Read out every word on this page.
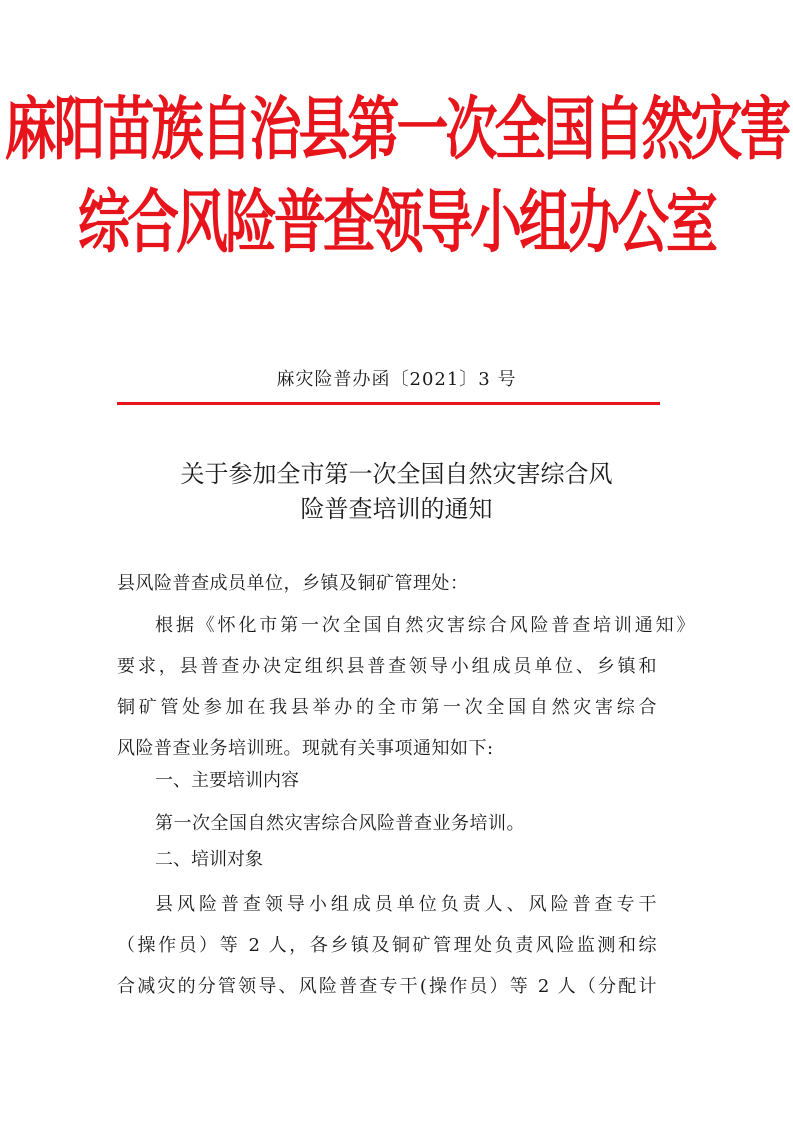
麻阳苗族自治县第一次全国自然灾害
综合风险普查领导小组办公室
麻灾险普办函〔2021〕3 号
关于参加全市第一次全国自然灾害综合风
险普查培训的通知
县风险普查成员单位，乡镇及铜矿管理处：
根据《怀化市第一次全国自然灾害综合风险普查培训通知》
要求，县普查办决定组织县普查领导小组成员单位、乡镇和
铜矿管处参加在我县举办的全市第一次全国自然灾害综合
风险普查业务培训班。现就有关事项通知如下:
一、主要培训内容
第一次全国自然灾害综合风险普查业务培训。
二、培训对象
县风险普查领导小组成员单位负责人、风险普查专干
（操作员）等 2 人，各乡镇及铜矿管理处负责风险监测和综
合减灾的分管领导、风险普查专干(操作员）等 2 人（分配计
